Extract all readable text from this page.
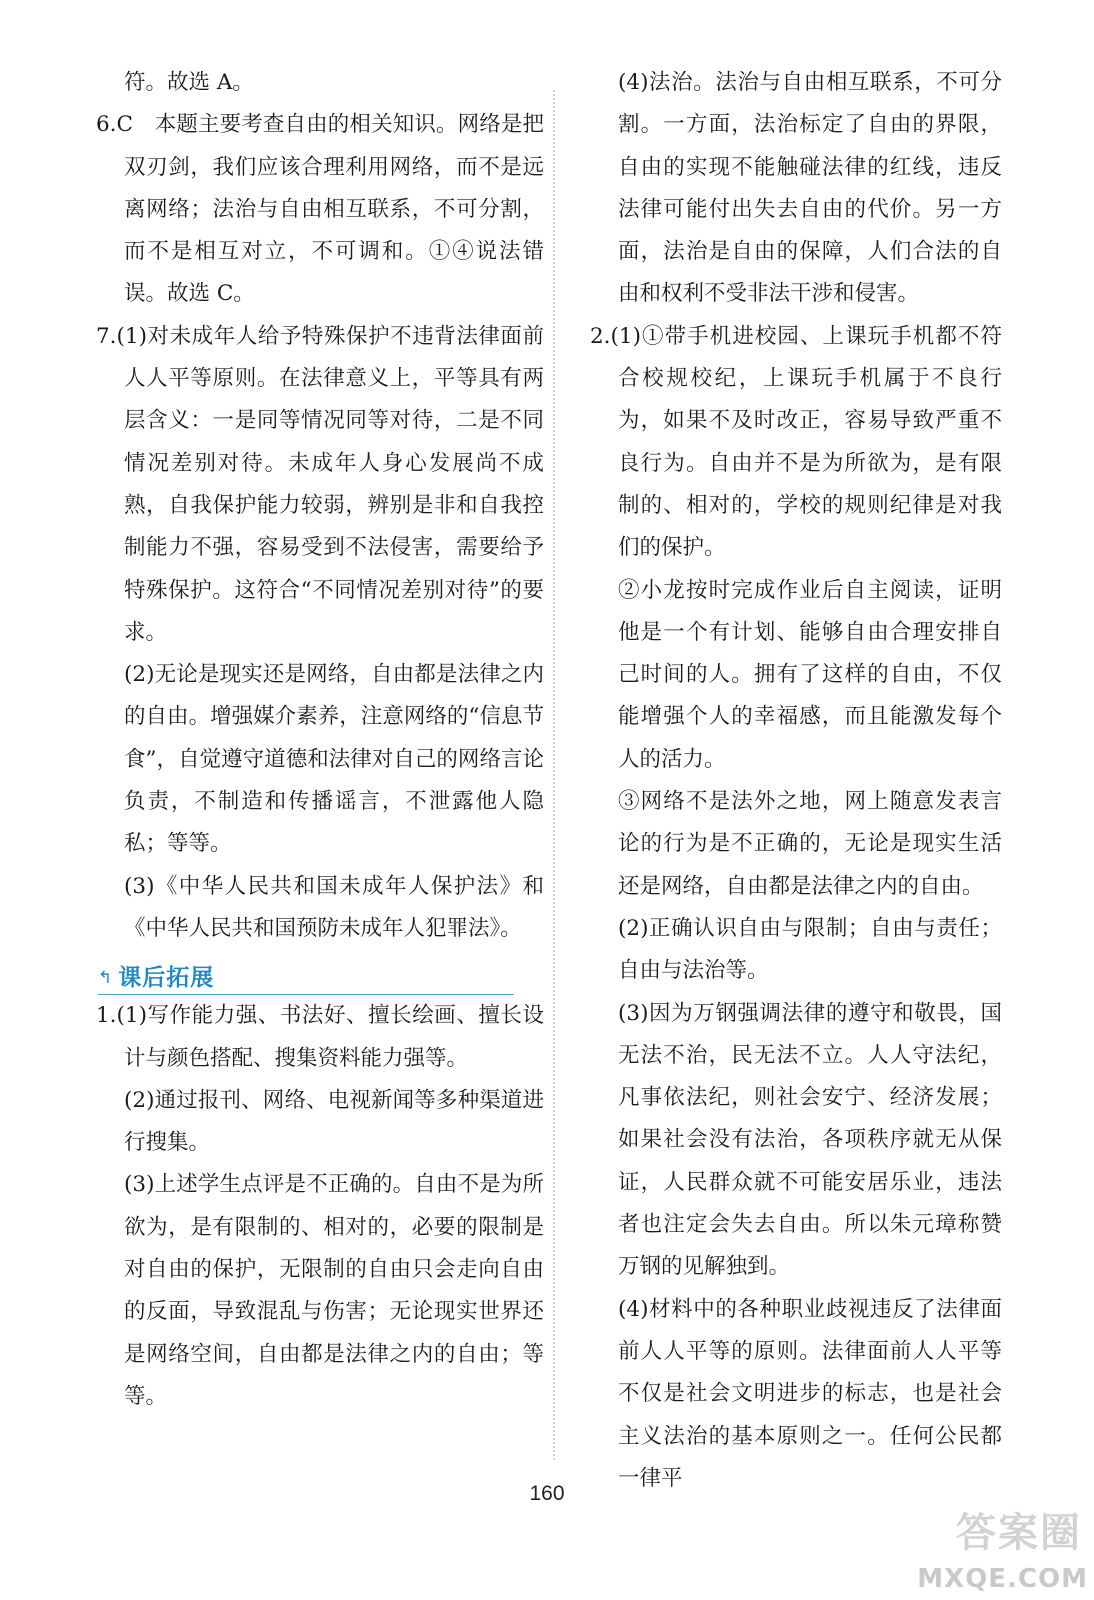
符。故选 A。

6.C　本题主要考查自由的相关知识。网络是把双刃剑，我们应该合理利用网络，而不是远离网络；法治与自由相互联系，不可分割，而不是相互对立，不可调和。①④说法错误。故选 C。

7.(1)对未成年人给予特殊保护不违背法律面前人人平等原则。在法律意义上，平等具有两层含义：一是同等情况同等对待，二是不同情况差别对待。未成年人身心发展尚不成熟，自我保护能力较弱，辨别是非和自我控制能力不强，容易受到不法侵害，需要给予特殊保护。这符合“不同情况差别对待”的要求。

(2)无论是现实还是网络，自由都是法律之内的自由。增强媒介素养，注意网络的“信息节食”，自觉遵守道德和法律对自己的网络言论负责，不制造和传播谣言，不泄露他人隐私；等等。

(3)《中华人民共和国未成年人保护法》和《中华人民共和国预防未成年人犯罪法》。

↰ 课后拓展

1.(1)写作能力强、书法好、擅长绘画、擅长设计与颜色搭配、搜集资料能力强等。

(2)通过报刊、网络、电视新闻等多种渠道进行搜集。

(3)上述学生点评是不正确的。自由不是为所欲为，是有限制的、相对的，必要的限制是对自由的保护，无限制的自由只会走向自由的反面，导致混乱与伤害；无论现实世界还是网络空间，自由都是法律之内的自由；等等。

(4)法治。法治与自由相互联系，不可分割。一方面，法治标定了自由的界限，自由的实现不能触碰法律的红线，违反法律可能付出失去自由的代价。另一方面，法治是自由的保障，人们合法的自由和权利不受非法干涉和侵害。

2.(1)①带手机进校园、上课玩手机都不符合校规校纪，上课玩手机属于不良行为，如果不及时改正，容易导致严重不良行为。自由并不是为所欲为，是有限制的、相对的，学校的规则纪律是对我们的保护。

②小龙按时完成作业后自主阅读，证明他是一个有计划、能够自由合理安排自己时间的人。拥有了这样的自由，不仅能增强个人的幸福感，而且能激发每个人的活力。

③网络不是法外之地，网上随意发表言论的行为是不正确的，无论是现实生活还是网络，自由都是法律之内的自由。

(2)正确认识自由与限制；自由与责任；自由与法治等。

(3)因为万钢强调法律的遵守和敬畏，国无法不治，民无法不立。人人守法纪，凡事依法纪，则社会安宁、经济发展；如果社会没有法治，各项秩序就无从保证，人民群众就不可能安居乐业，违法者也注定会失去自由。所以朱元璋称赞万钢的见解独到。

(4)材料中的各种职业歧视违反了法律面前人人平等的原则。法律面前人人平等不仅是社会文明进步的标志，也是社会主义法治的基本原则之一。任何公民都一律平

160
答案圈
MXQE.COM
